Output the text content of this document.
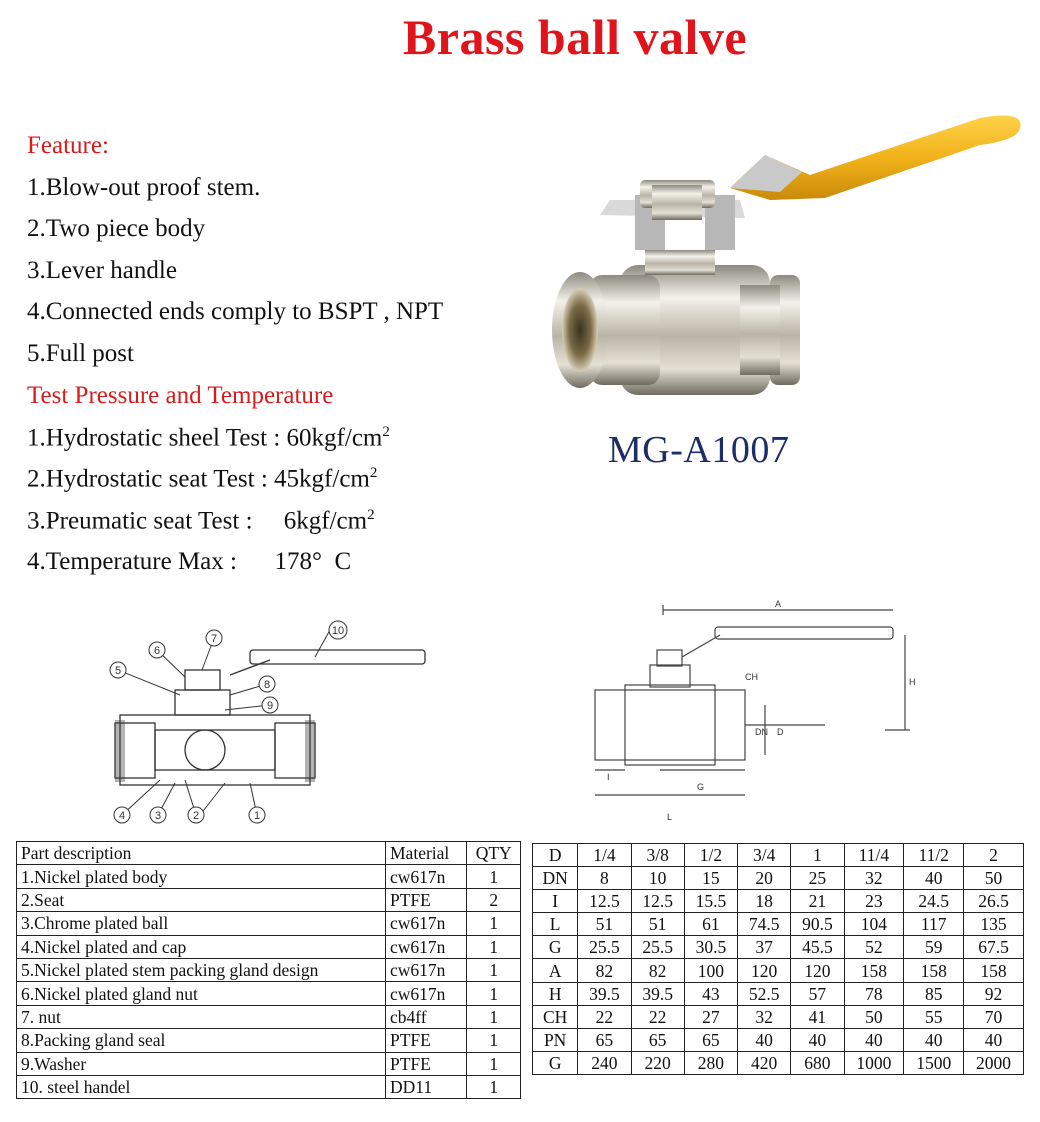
Brass ball valve
Feature:
1.Blow-out proof stem.
2.Two piece body
3.Lever handle
4.Connected ends comply to BSPT , NPT
5.Full post
Test Pressure and Temperature
1.Hydrostatic sheel Test : $60kgf/cm^2$
2.Hydrostatic seat Test : $45kgf/cm^2$
3.Preumatic seat Test :     $6kgf/cm^2$
4.Temperature Max :      178°  C
MG-A1007
1
2
3
4
5
6
7
8
9
10
A
H
CH
D
DN
I
G
L
Part description	Material	QTY
1.Nickel plated body	cw617n	1
2.Seat	PTFE	2
3.Chrome plated ball	cw617n	1
4.Nickel plated and cap	cw617n	1
5.Nickel plated stem packing gland design	cw617n	1
6.Nickel plated gland nut	cw617n	1
7. nut	cb4ff	1
8.Packing gland seal	PTFE	1
9.Washer	PTFE	1
10. steel handel	DD11	1
D	1/4	3/8	1/2	3/4	1	11/4	11/2	2
DN	8	10	15	20	25	32	40	50
I	12.5	12.5	15.5	18	21	23	24.5	26.5
L	51	51	61	74.5	90.5	104	117	135
G	25.5	25.5	30.5	37	45.5	52	59	67.5
A	82	82	100	120	120	158	158	158
H	39.5	39.5	43	52.5	57	78	85	92
CH	22	22	27	32	41	50	55	70
PN	65	65	65	40	40	40	40	40
G	240	220	280	420	680	1000	1500	2000
